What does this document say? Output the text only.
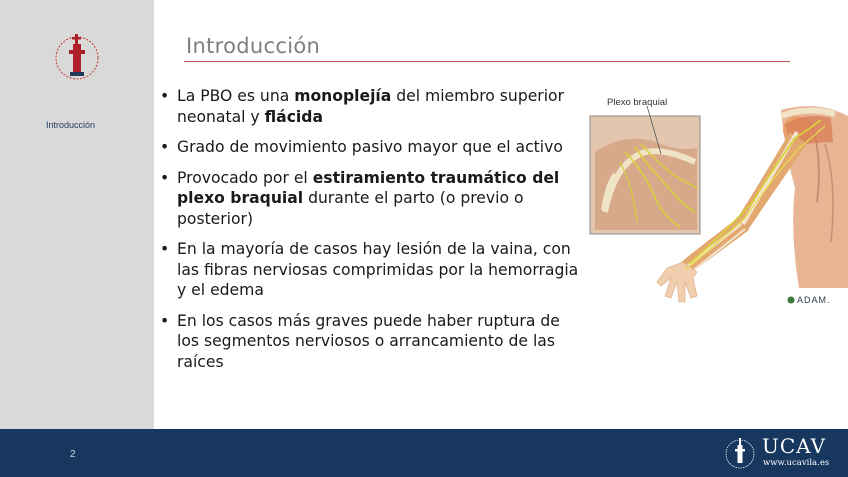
Introducción
Introducción
• La PBO es una monoplejía del miembro superior neonatal y flácida
• Grado de movimiento pasivo mayor que el activo
• Provocado por el estiramiento traumático del plexo braquial durante el parto (o previo o posterior)
• En la mayoría de casos hay lesión de la vaina, con las fibras nerviosas comprimidas por la hemorragia y el edema
• En los casos más graves puede haber ruptura de los segmentos nerviosos o arrancamiento de las raíces
Plexo braquial
ADAM.
2	UCAV
www.ucavila.es
